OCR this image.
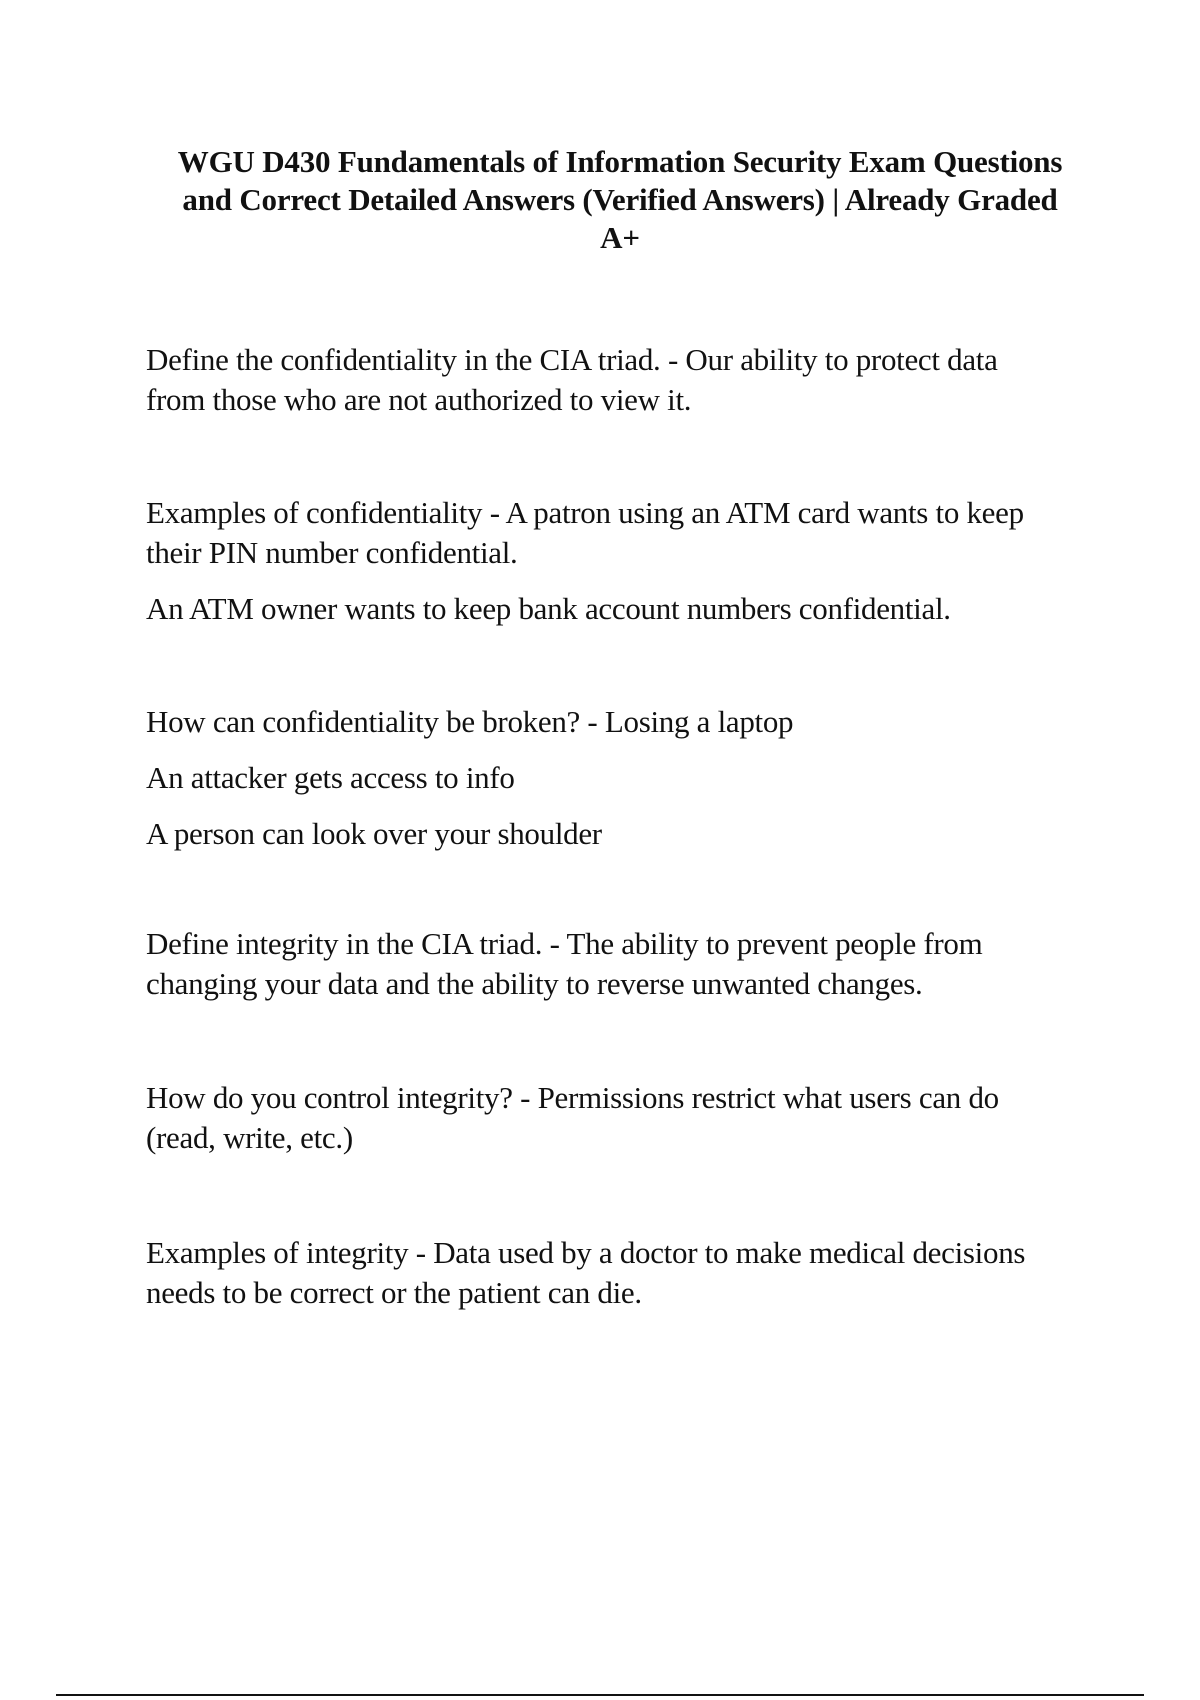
WGU D430 Fundamentals of Information Security Exam Questions
and Correct Detailed Answers (Verified Answers) | Already Graded
A+

Define the confidentiality in the CIA triad. - Our ability to protect data
from those who are not authorized to view it.

Examples of confidentiality - A patron using an ATM card wants to keep
their PIN number confidential.

An ATM owner wants to keep bank account numbers confidential.

How can confidentiality be broken? - Losing a laptop

An attacker gets access to info

A person can look over your shoulder

Define integrity in the CIA triad. - The ability to prevent people from
changing your data and the ability to reverse unwanted changes.

How do you control integrity? - Permissions restrict what users can do
(read, write, etc.)

Examples of integrity - Data used by a doctor to make medical decisions
needs to be correct or the patient can die.
